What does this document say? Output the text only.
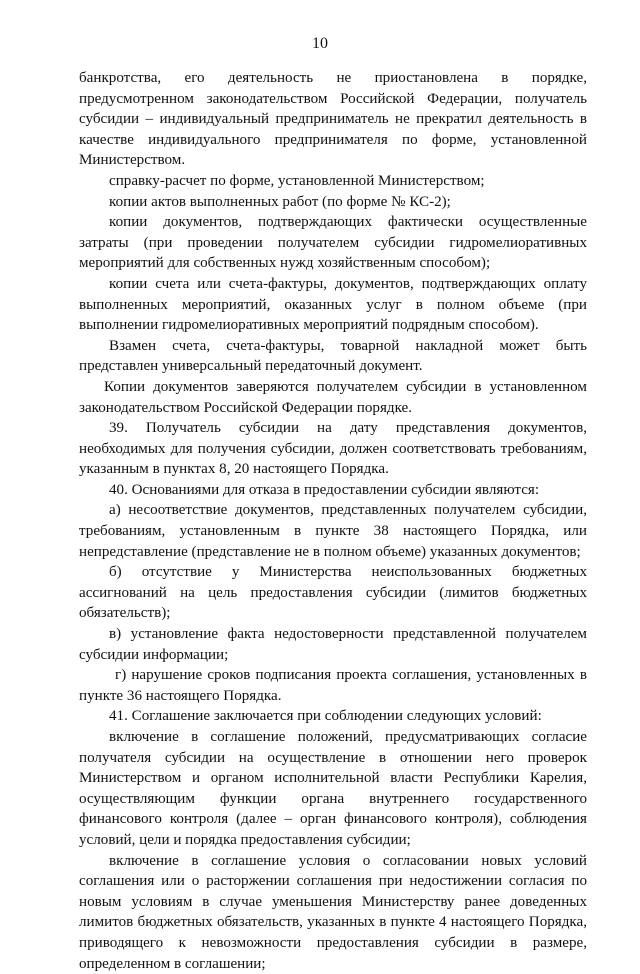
10

банкротства, его деятельность не приостановлена в порядке, предусмотренном законодательством Российской Федерации, получатель субсидии – индивидуальный предприниматель не прекратил деятельность в качестве индивидуального предпринимателя по форме, установленной Министерством.

справку-расчет по форме, установленной Министерством;

копии актов выполненных работ (по форме № КС-2);

копии документов, подтверждающих фактически осуществленные затраты (при проведении получателем субсидии гидромелиоративных мероприятий для собственных нужд хозяйственным способом);

копии счета или счета-фактуры, документов, подтверждающих оплату выполненных мероприятий, оказанных услуг в полном объеме (при выполнении гидромелиоративных мероприятий подрядным способом).

Взамен счета, счета-фактуры, товарной накладной может быть представлен универсальный передаточный документ.

Копии документов заверяются получателем субсидии в установленном законодательством Российской Федерации порядке.

39. Получатель субсидии на дату представления документов, необходимых для получения субсидии, должен соответствовать требованиям, указанным в пунктах 8, 20 настоящего Порядка.

40. Основаниями для отказа в предоставлении субсидии являются:

а) несоответствие документов, представленных получателем субсидии, требованиям, установленным в пункте 38 настоящего Порядка, или непредставление (представление не в полном объеме) указанных документов;

б) отсутствие у Министерства неиспользованных бюджетных ассигнований на цель предоставления субсидии (лимитов бюджетных обязательств);

в) установление факта недостоверности представленной получателем субсидии информации;

г) нарушение сроков подписания проекта соглашения, установленных в пункте 36 настоящего Порядка.

41. Соглашение заключается при соблюдении следующих условий:

включение в соглашение положений, предусматривающих согласие получателя субсидии на осуществление в отношении него проверок Министерством и органом исполнительной власти Республики Карелия, осуществляющим функции органа внутреннего государственного финансового контроля (далее – орган финансового контроля), соблюдения условий, цели и порядка предоставления субсидии;

включение в соглашение условия о согласовании новых условий соглашения или о расторжении соглашения при недостижении согласия по новым условиям в случае уменьшения Министерству ранее доведенных лимитов бюджетных обязательств, указанных в пункте 4 настоящего Порядка, приводящего к невозможности предоставления субсидии в размере, определенном в соглашении;
